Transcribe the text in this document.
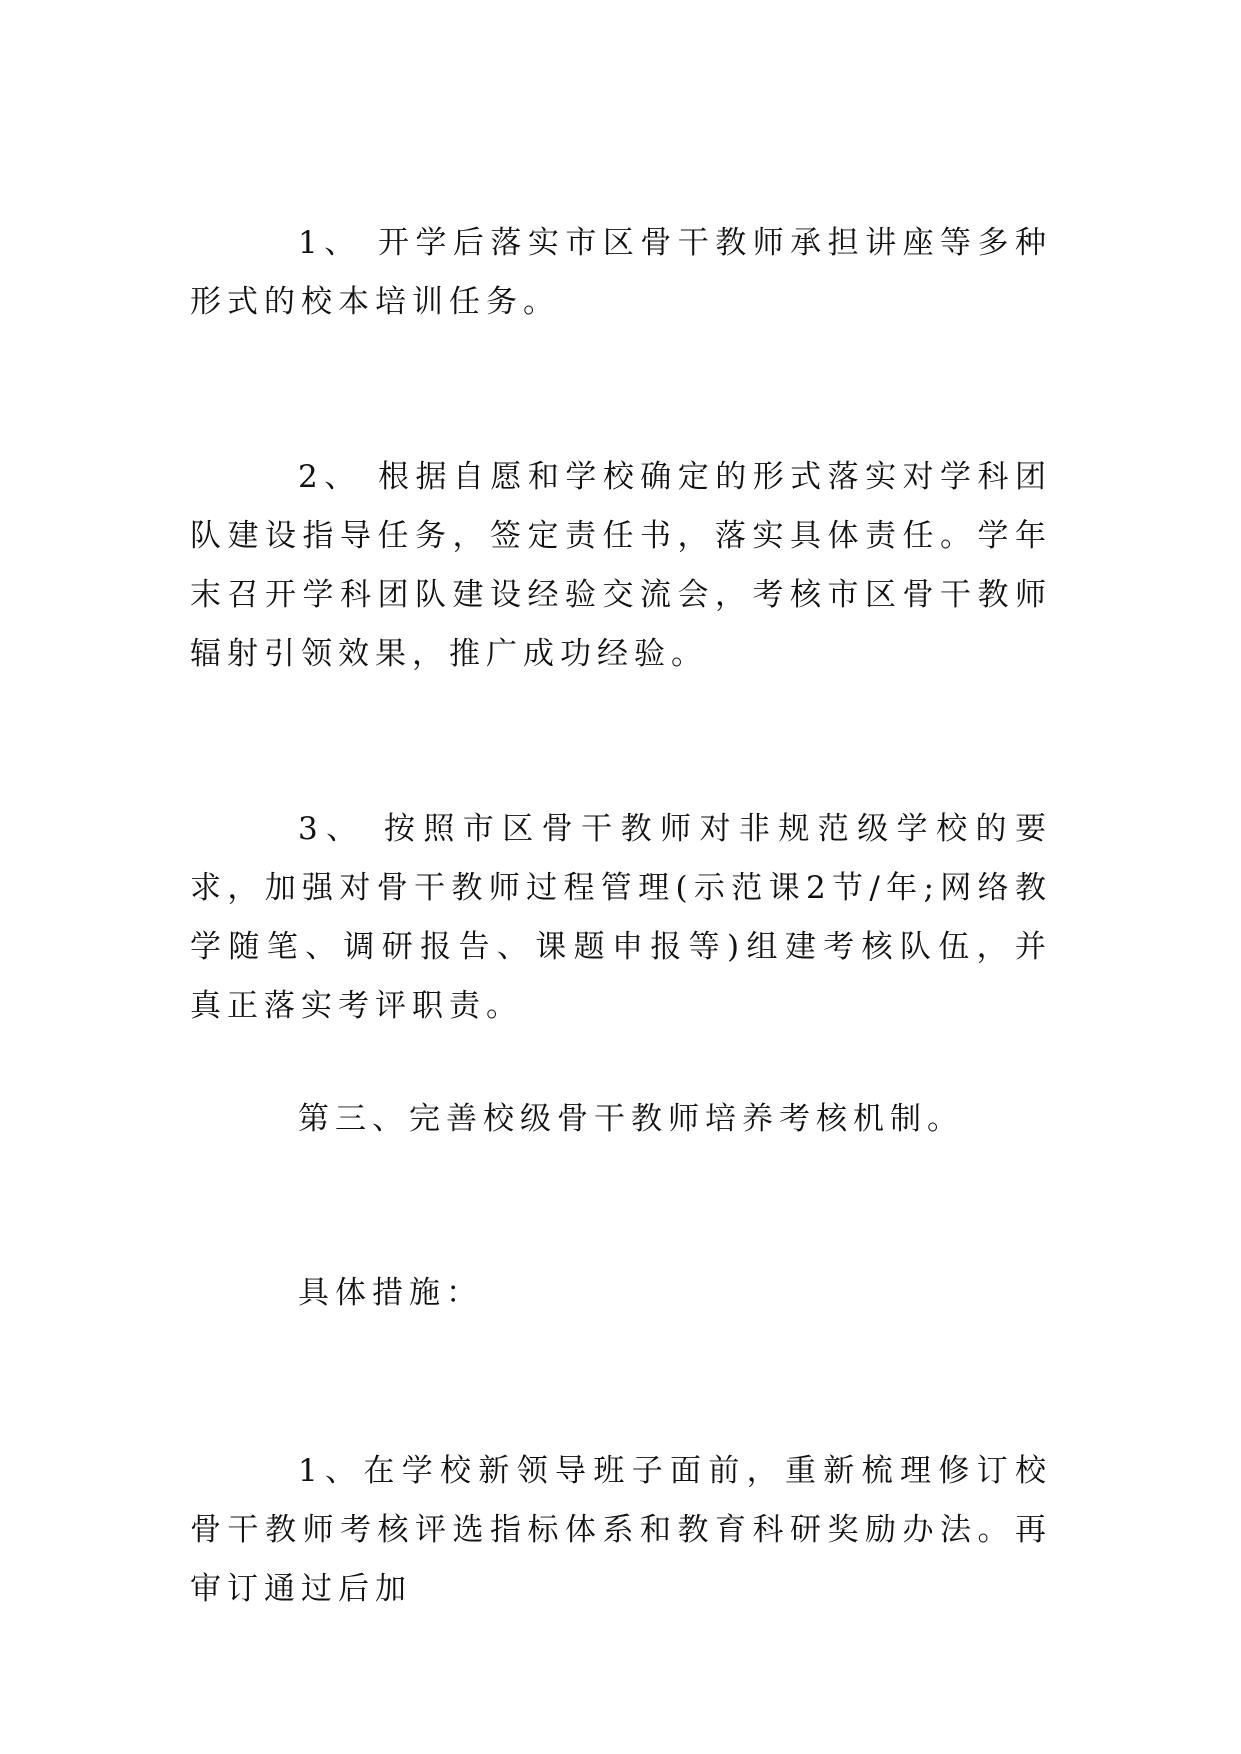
1、 开学后落实市区骨干教师承担讲座等多种形式的校本培训任务。

2、 根据自愿和学校确定的形式落实对学科团队建设指导任务，签定责任书，落实具体责任。学年末召开学科团队建设经验交流会，考核市区骨干教师辐射引领效果，推广成功经验。

3、 按照市区骨干教师对非规范级学校的要求，加强对骨干教师过程管理(示范课2节/年;网络教学随笔、调研报告、课题申报等)组建考核队伍，并真正落实考评职责。

第三、完善校级骨干教师培养考核机制。

具体措施：

1、在学校新领导班子面前，重新梳理修订校骨干教师考核评选指标体系和教育科研奖励办法。再审订通过后加
